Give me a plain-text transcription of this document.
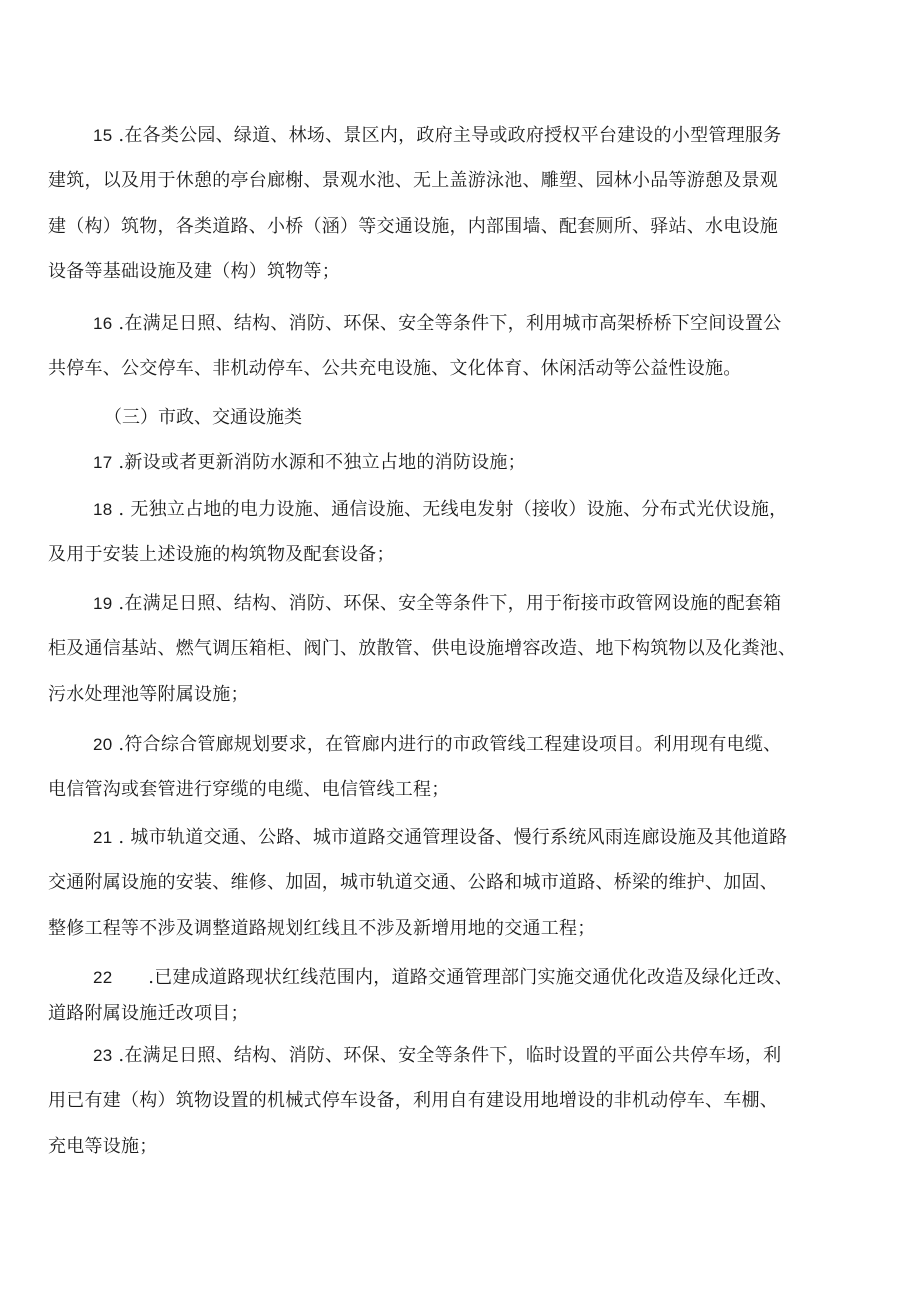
15 .在各类公园、绿道、林场、景区内，政府主导或政府授权平台建设的小型管理服务
建筑，以及用于休憩的亭台廊榭、景观水池、无上盖游泳池、雕塑、园林小品等游憩及景观
建（构）筑物，各类道路、小桥（涵）等交通设施，内部围墙、配套厕所、驿站、水电设施
设备等基础设施及建（构）筑物等；
16 .在满足日照、结构、消防、环保、安全等条件下，利用城市高架桥桥下空间设置公
共停车、公交停车、非机动停车、公共充电设施、文化体育、休闲活动等公益性设施。
（三）市政、交通设施类
17 .新设或者更新消防水源和不独立占地的消防设施；
18 . 无独立占地的电力设施、通信设施、无线电发射（接收）设施、分布式光伏设施，
及用于安装上述设施的构筑物及配套设备；
19 .在满足日照、结构、消防、环保、安全等条件下，用于衔接市政管网设施的配套箱
柜及通信基站、燃气调压箱柜、阀门、放散管、供电设施增容改造、地下构筑物以及化粪池、
污水处理池等附属设施；
20 .符合综合管廊规划要求，在管廊内进行的市政管线工程建设项目。利用现有电缆、
电信管沟或套管进行穿缆的电缆、电信管线工程；
21 . 城市轨道交通、公路、城市道路交通管理设备、慢行系统风雨连廊设施及其他道路
交通附属设施的安装、维修、加固，城市轨道交通、公路和城市道路、桥梁的维护、加固、
整修工程等不涉及调整道路规划红线且不涉及新增用地的交通工程；
22      .已建成道路现状红线范围内，道路交通管理部门实施交通优化改造及绿化迁改、
道路附属设施迁改项目；
23 .在满足日照、结构、消防、环保、安全等条件下，临时设置的平面公共停车场，利
用已有建（构）筑物设置的机械式停车设备，利用自有建设用地增设的非机动停车、车棚、
充电等设施；
